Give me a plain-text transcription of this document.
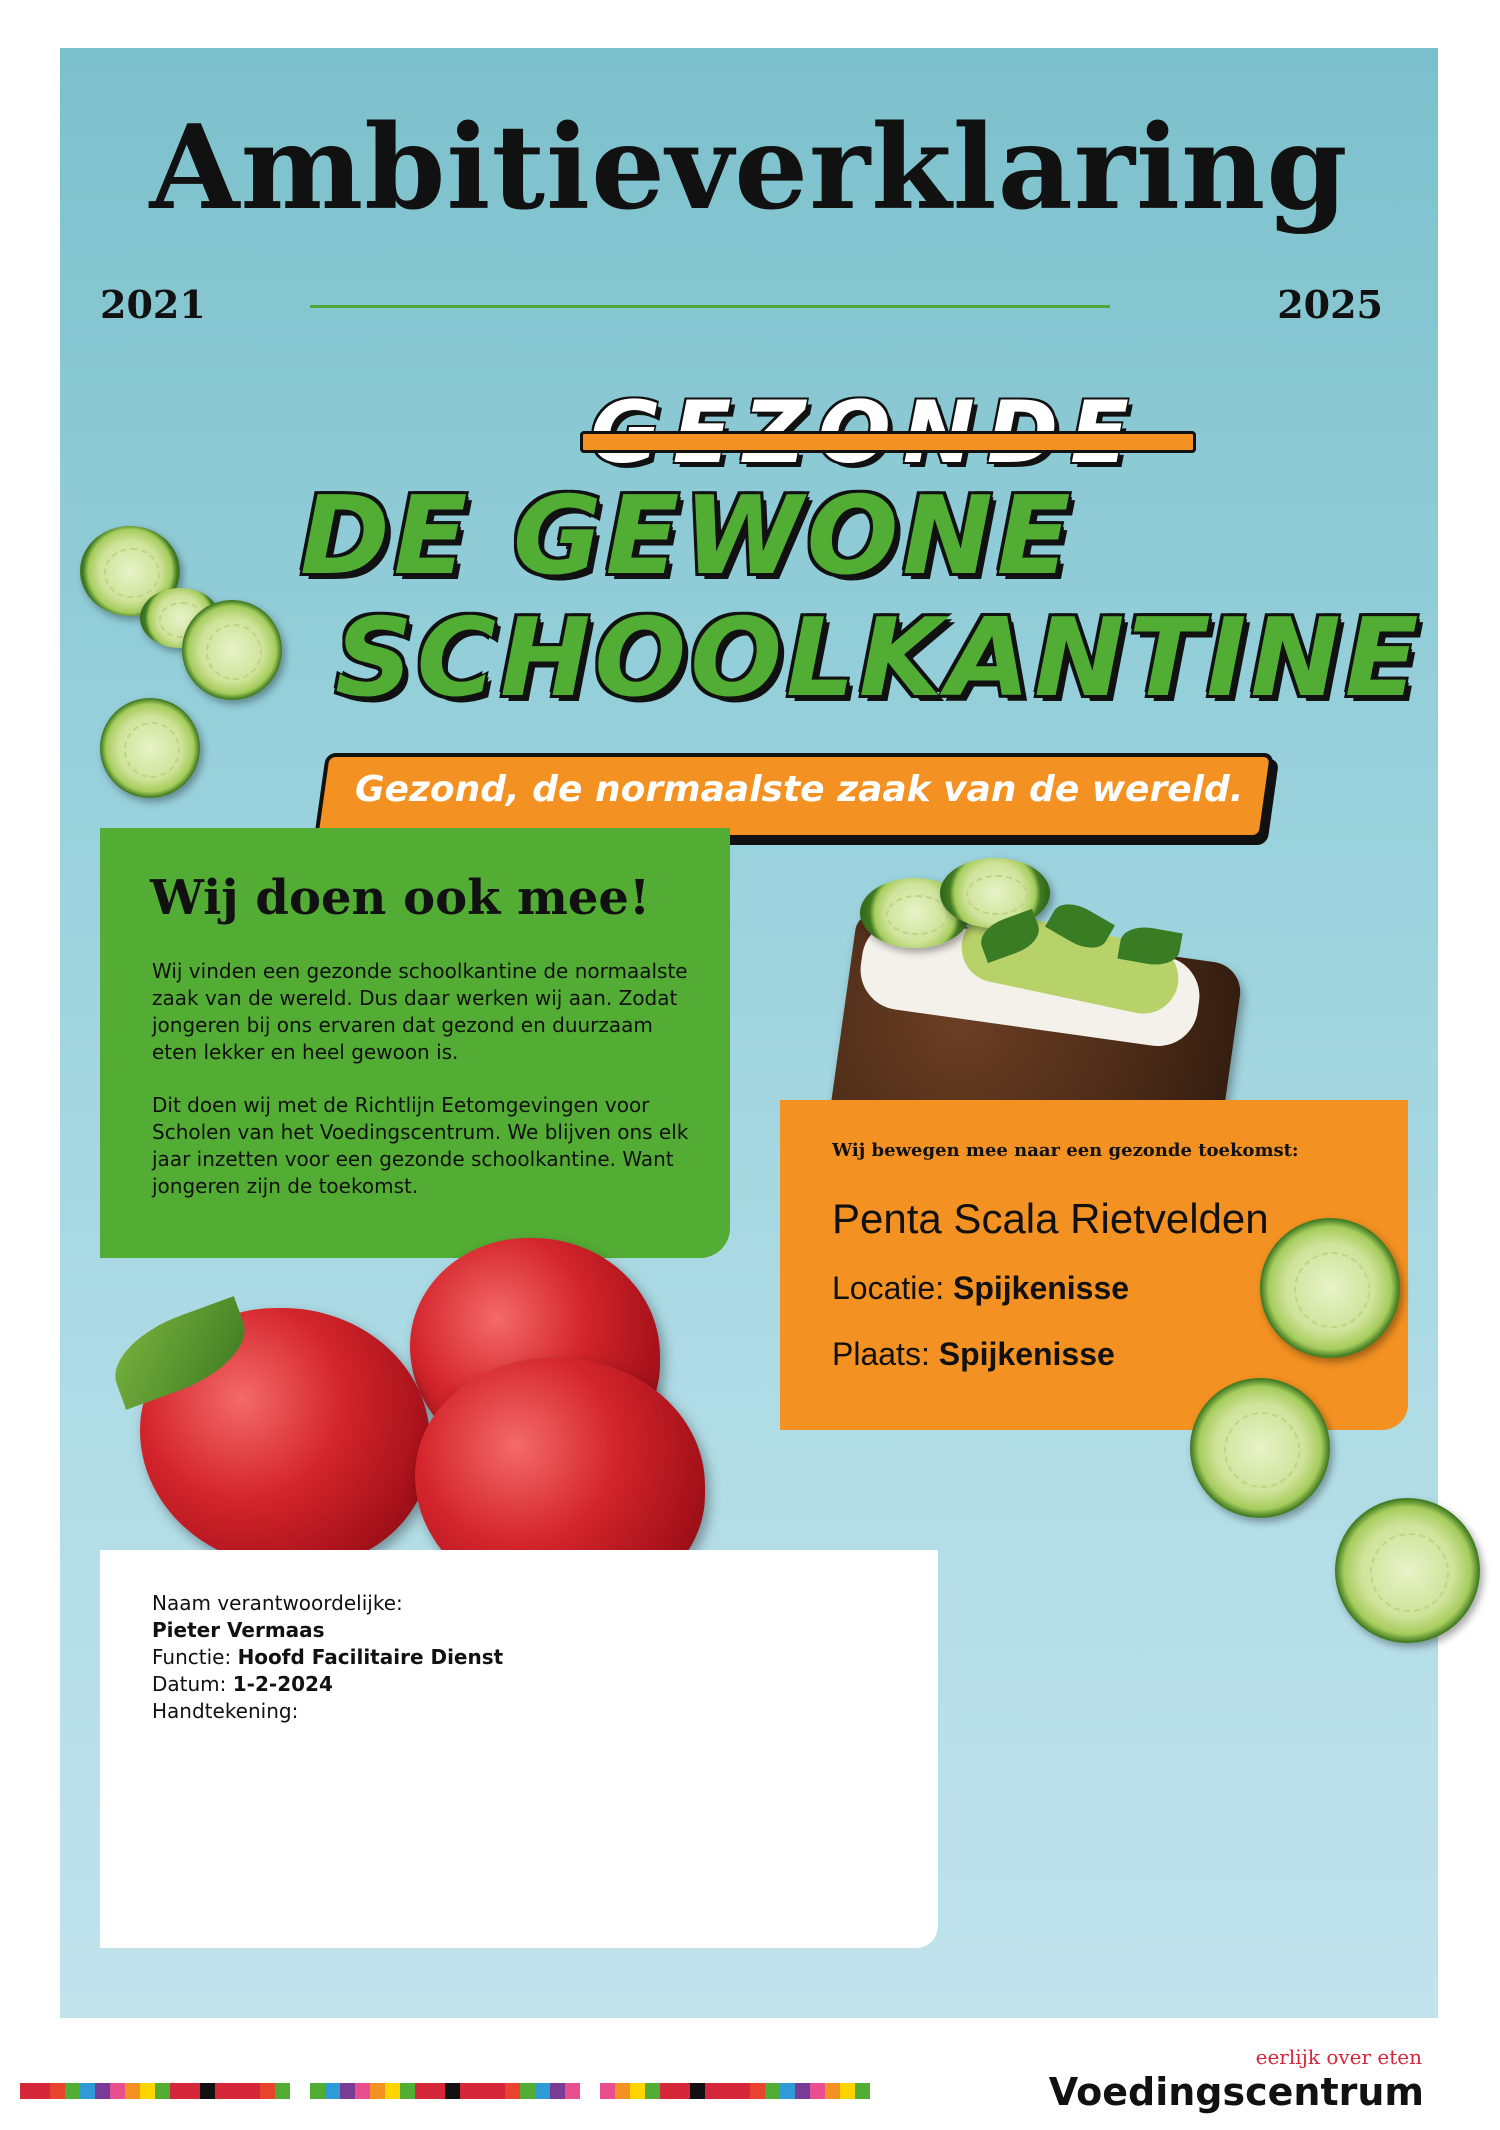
Ambitieverklaring
2021	2025
DE GEWONE
SCHOOLKANTINE
Gezond, de normaalste zaak van de wereld.
Wij doen ook mee!

Wij vinden een gezonde schoolkantine de normaalste zaak van de wereld. Dus daar werken wij aan. Zodat jongeren bij ons ervaren dat gezond en duurzaam eten lekker en heel gewoon is.

Dit doen wij met de Richtlijn Eetomgevingen voor Scholen van het Voedingscentrum. We blijven ons elk jaar inzetten voor een gezonde schoolkantine. Want jongeren zijn de toekomst.

Wij bewegen mee naar een gezonde toekomst:
Penta Scala Rietvelden
Locatie: Spijkenisse
Plaats: Spijkenisse
Naam verantwoordelijke:
Pieter Vermaas
Functie: Hoofd Facilitaire Dienst
Datum: 1-2-2024
Handtekening:
eerlijk over eten
Voedingscentrum
